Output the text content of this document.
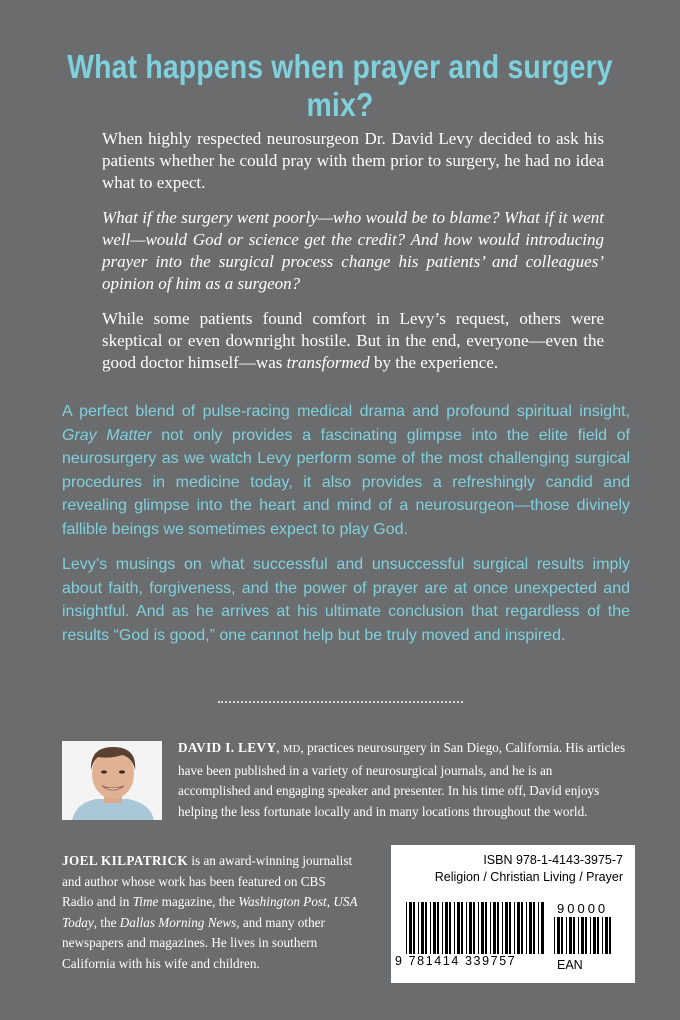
What happens when prayer and surgery mix?

When highly respected neurosurgeon Dr. David Levy decided to ask his patients whether he could pray with them prior to surgery, he had no idea what to expect.

What if the surgery went poorly—who would be to blame? What if it went well—would God or science get the credit? And how would introducing prayer into the surgical process change his patients’ and colleagues’ opinion of him as a surgeon?

While some patients found comfort in Levy’s request, others were skeptical or even downright hostile. But in the end, everyone—even the good doctor himself—was transformed by the experience.

A perfect blend of pulse-racing medical drama and profound spiritual insight, Gray Matter not only provides a fascinating glimpse into the elite field of neurosurgery as we watch Levy perform some of the most challenging surgical procedures in medicine today, it also provides a refreshingly candid and revealing glimpse into the heart and mind of a neurosurgeon—those divinely fallible beings we sometimes expect to play God.

Levy’s musings on what successful and unsuccessful surgical results imply about faith, forgiveness, and the power of prayer are at once unexpected and insightful. And as he arrives at his ultimate conclusion that regardless of the results “God is good,” one cannot help but be truly moved and inspired.

DAVID I. LEVY, MD, practices neurosurgery in San Diego, California. His articles have been published in a variety of neurosurgical journals, and he is an accomplished and engaging speaker and presenter. In his time off, David enjoys helping the less fortunate locally and in many locations throughout the world.

JOEL KILPATRICK is an award-winning journalist and author whose work has been featured on CBS Radio and in Time magazine, the Washington Post, USA Today, the Dallas Morning News, and many other newspapers and magazines. He lives in southern California with his wife and children.

ISBN 978-1-4143-3975-7
Religion / Christian Living / Prayer
90000
9 781414 339757	EAN
